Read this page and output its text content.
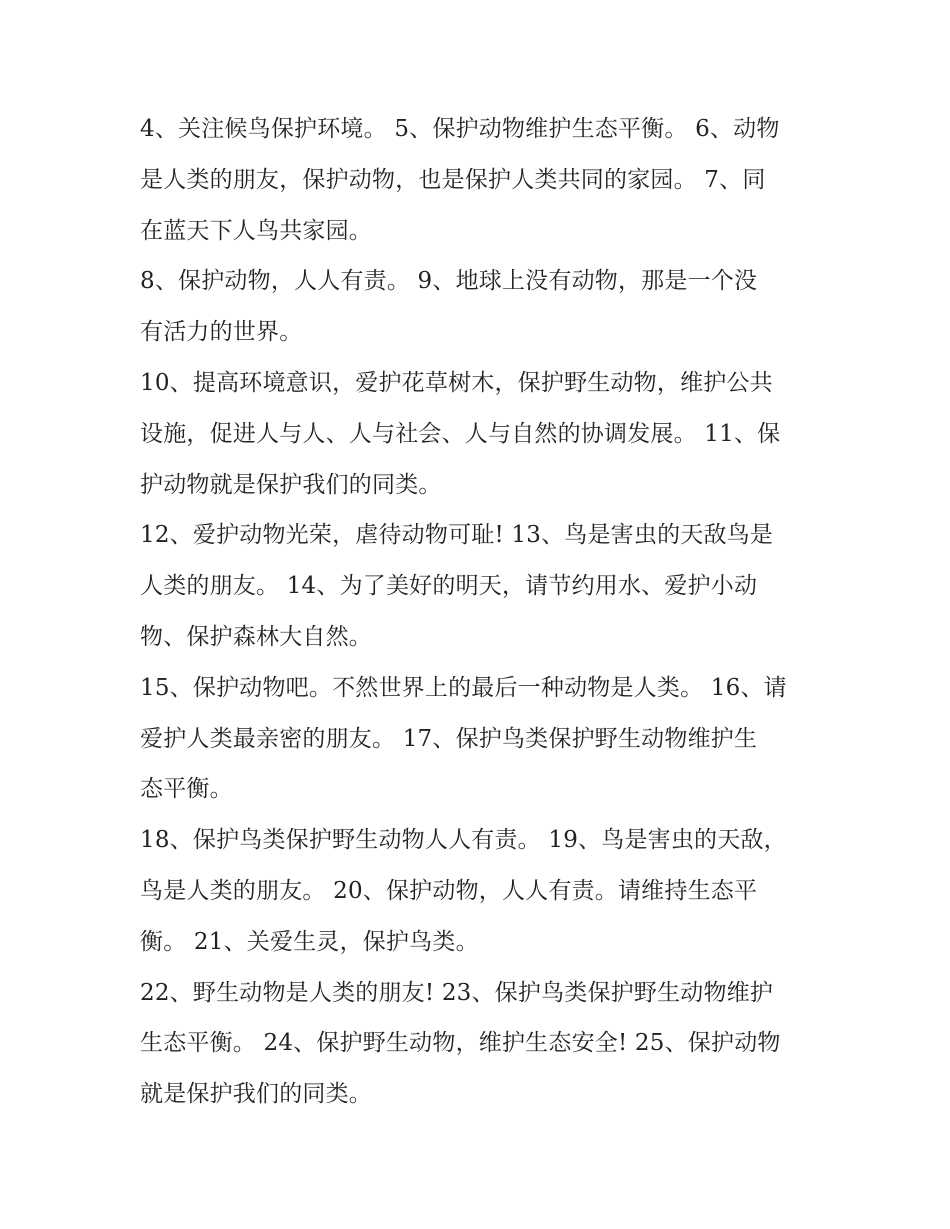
4、关注候鸟保护环境。 5、保护动物维护生态平衡。 6、动物
是人类的朋友，保护动物，也是保护人类共同的家园。 7、同
在蓝天下人鸟共家园。
8、保护动物，人人有责。 9、地球上没有动物，那是一个没
有活力的世界。
10、提高环境意识，爱护花草树木，保护野生动物，维护公共
设施，促进人与人、人与社会、人与自然的协调发展。 11、保
护动物就是保护我们的同类。
12、爱护动物光荣，虐待动物可耻! 13、鸟是害虫的天敌鸟是
人类的朋友。 14、为了美好的明天，请节约用水、爱护小动
物、保护森林大自然。
15、保护动物吧。不然世界上的最后一种动物是人类。 16、请
爱护人类最亲密的朋友。 17、保护鸟类保护野生动物维护生
态平衡。
18、保护鸟类保护野生动物人人有责。 19、鸟是害虫的天敌，
鸟是人类的朋友。 20、保护动物，人人有责。请维持生态平
衡。 21、关爱生灵，保护鸟类。
22、野生动物是人类的朋友! 23、保护鸟类保护野生动物维护
生态平衡。 24、保护野生动物，维护生态安全! 25、保护动物
就是保护我们的同类。
